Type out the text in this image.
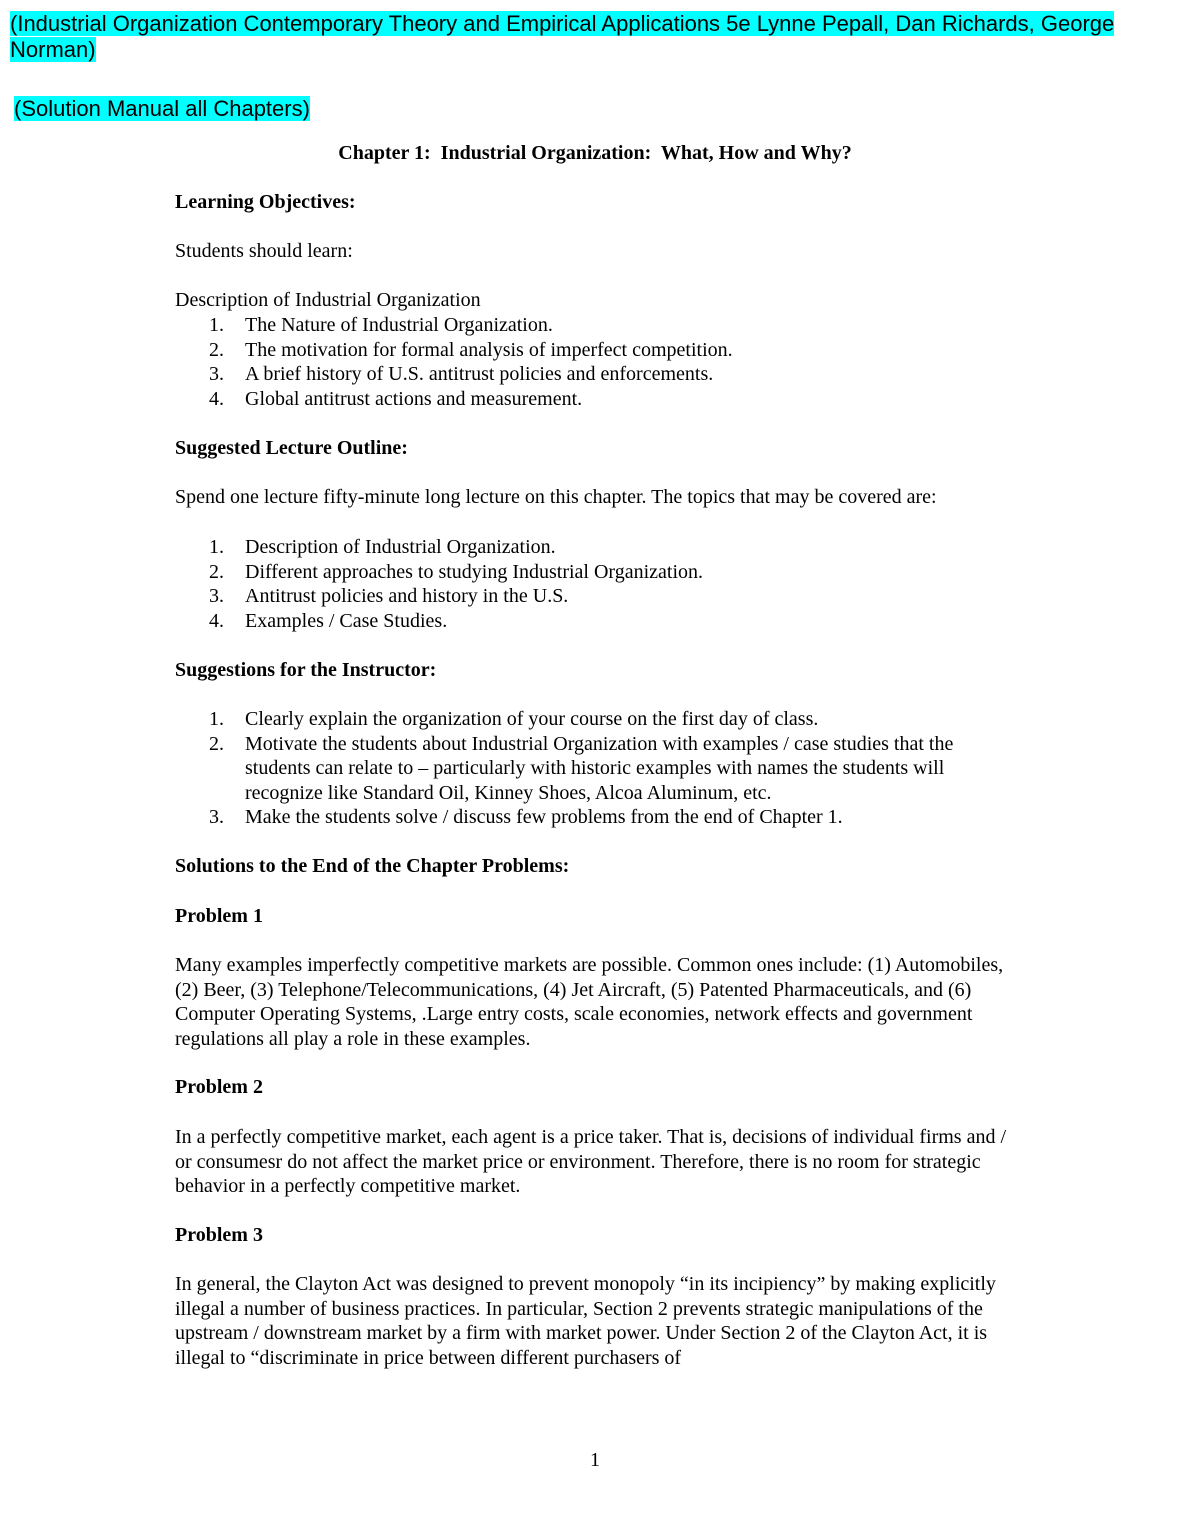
(Industrial Organization Contemporary Theory and Empirical Applications 5e Lynne Pepall, Dan Richards, George Norman)
(Solution Manual all Chapters)
Chapter 1:  Industrial Organization:  What, How and Why?
Learning Objectives:
Students should learn:
Description of Industrial Organization
1. The Nature of Industrial Organization.
2. The motivation for formal analysis of imperfect competition.
3. A brief history of U.S. antitrust policies and enforcements.
4. Global antitrust actions and measurement.
Suggested Lecture Outline:
Spend one lecture fifty-minute long lecture on this chapter. The topics that may be covered are:
1. Description of Industrial Organization.
2. Different approaches to studying Industrial Organization.
3. Antitrust policies and history in the U.S.
4. Examples / Case Studies.
Suggestions for the Instructor:
1. Clearly explain the organization of your course on the first day of class.
2. Motivate the students about Industrial Organization with examples / case studies that the students can relate to – particularly with historic examples with names the students will recognize like Standard Oil, Kinney Shoes, Alcoa Aluminum, etc.
3. Make the students solve / discuss few problems from the end of Chapter 1.
Solutions to the End of the Chapter Problems:
Problem 1
Many examples imperfectly competitive markets are possible. Common ones include: (1) Automobiles, (2) Beer, (3) Telephone/Telecommunications, (4) Jet Aircraft, (5) Patented Pharmaceuticals, and (6) Computer Operating Systems, .Large entry costs, scale economies, network effects and government regulations all play a role in these examples.
Problem 2
In a perfectly competitive market, each agent is a price taker. That is, decisions of individual firms and / or consumesr do not affect the market price or environment. Therefore, there is no room for strategic behavior in a perfectly competitive market.
Problem 3
In general, the Clayton Act was designed to prevent monopoly “in its incipiency” by making explicitly illegal a number of business practices. In particular, Section 2 prevents strategic manipulations of the upstream / downstream market by a firm with market power. Under Section 2 of the Clayton Act, it is illegal to “discriminate in price between different purchasers of
1
